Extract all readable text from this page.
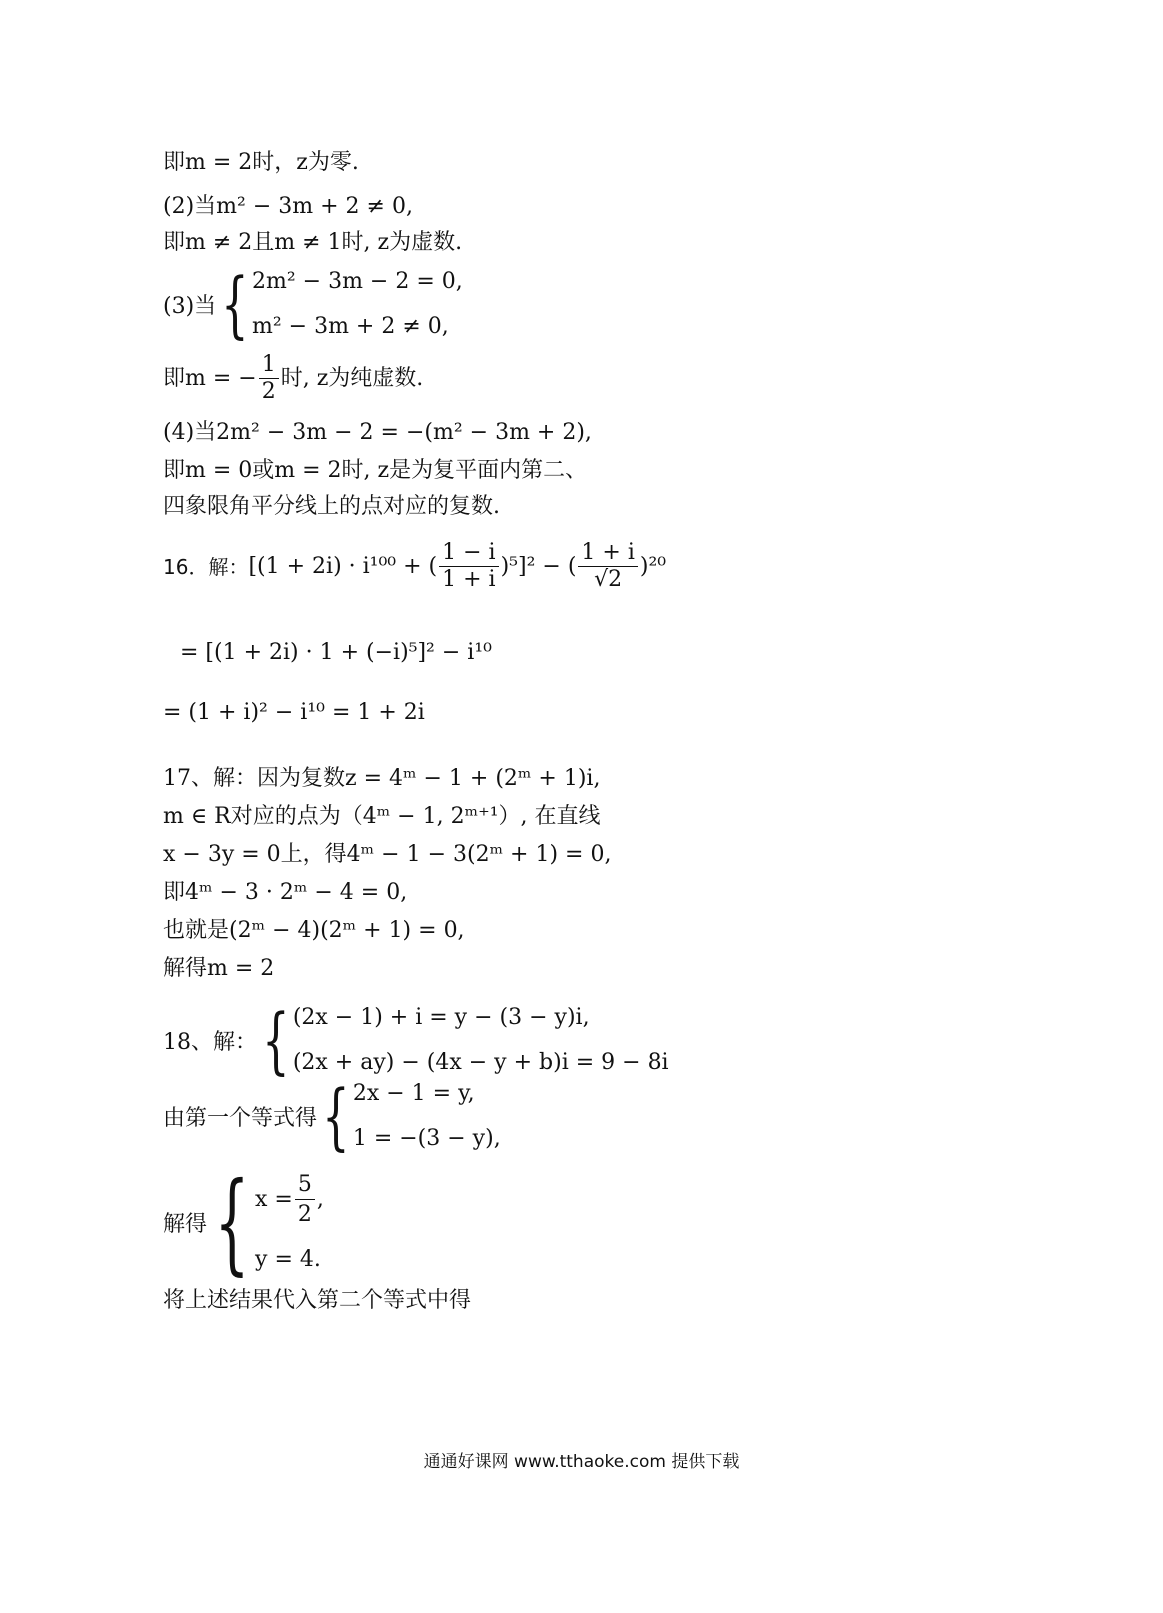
即m = 2时，z为零.
(2)当m² − 3m + 2 ≠ 0,
即m ≠ 2且m ≠ 1时, z为虚数.
(3)当 { 2m² − 3m − 2 = 0,
m² − 3m + 2 ≠ 0,
即m = − $\frac{1}{2}$ 时, z为纯虚数.
(4)当2m² − 3m − 2 = −(m² − 3m + 2),
即m = 0或m = 2时, z是为复平面内第二、
四象限角平分线上的点对应的复数.
16．解： [(1 + 2i) · i¹⁰⁰ + ( $\frac{1 - i}{1 + i} )^5]^2$ − ( $\frac{1 + i}{√2} )^{20}$
= [(1 + 2i) · 1 + (−i)⁵]² − i¹⁰
= (1 + i)² − i¹⁰ = 1 + 2i
17、解：因为复数z = 4ᵐ − 1 + (2ᵐ + 1)i,
m ∈ R对应的点为（4ᵐ − 1, 2ᵐ⁺¹）, 在直线
x − 3y = 0上，得4ᵐ − 1 − 3(2ᵐ + 1) = 0,
即4ᵐ − 3 · 2ᵐ − 4 = 0,
也就是(2ᵐ − 4)(2ᵐ + 1) = 0,
解得m = 2
18、解： { (2x − 1) + i = y − (3 − y)i,
(2x + ay) − (4x − y + b)i = 9 − 8i
由第一个等式得 { 2x − 1 = y,
1 = −(3 − y),
解得 { $x = \frac{5}{2}$ ,
y = 4.
将上述结果代入第二个等式中得
通通好课网 www.tthaoke.com 提供下载
